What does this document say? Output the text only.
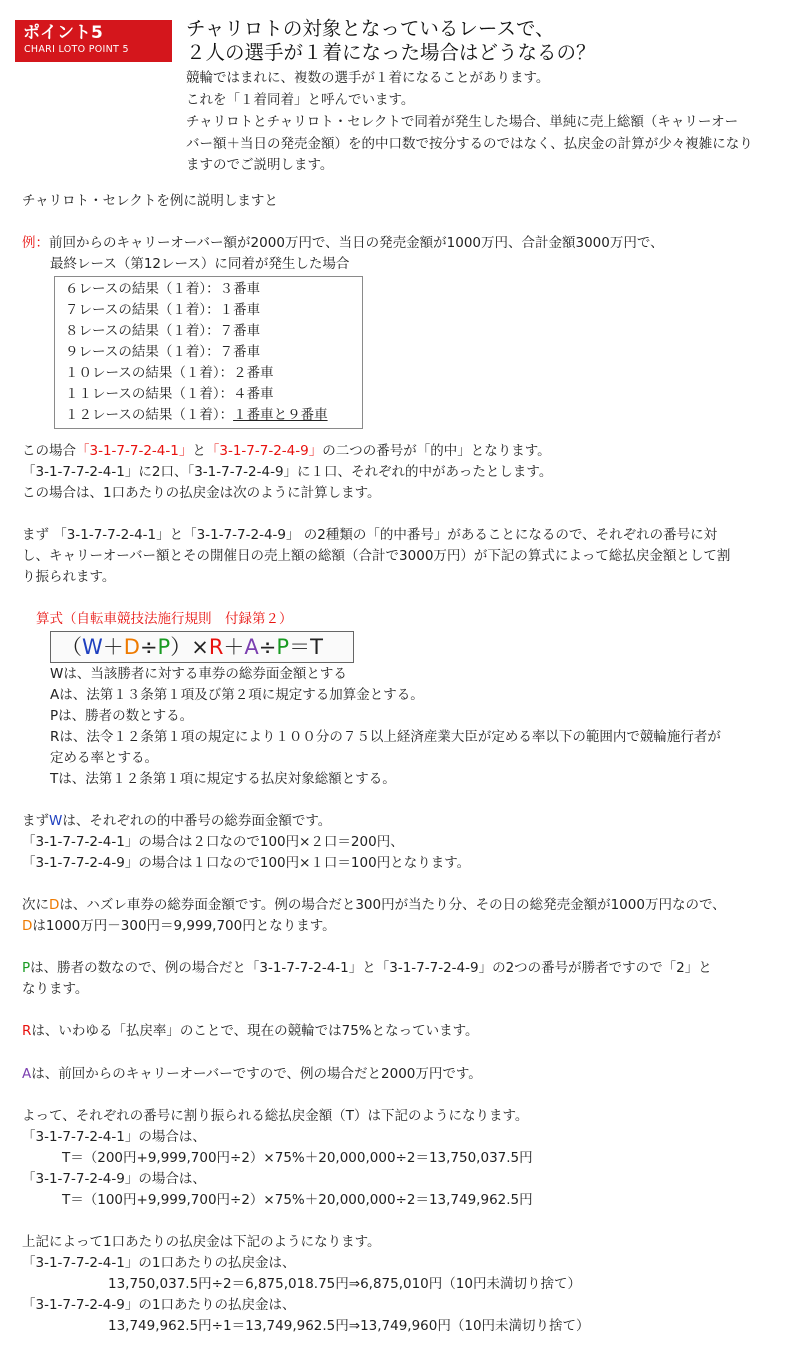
ポイント5
CHARI LOTO POINT 5
チャリロトの対象となっているレースで、
２人の選手が１着になった場合はどうなるの？
競輪ではまれに、複数の選手が１着になることがあります。
これを「１着同着」と呼んでいます。
チャリロトとチャリロト・セレクトで同着が発生した場合、単純に売上総額（キャリーオー
バー額＋当日の発売金額）を的中口数で按分するのではなく、払戻金の計算が少々複雑になり
ますのでご説明します。
チャリロト・セレクトを例に説明しますと
例：前回からのキャリーオーバー額が2000万円で、当日の発売金額が1000万円、合計金額3000万円で、
最終レース（第12レース）に同着が発生した場合
６レースの結果（１着）：３番車
７レースの結果（１着）：１番車
８レースの結果（１着）：７番車
９レースの結果（１着）：７番車
１０レースの結果（１着）：２番車
１１レースの結果（１着）：４番車
１２レースの結果（１着）：１番車と９番車
この場合「3-1-7-7-2-4-1」と「3-1-7-7-2-4-9」の二つの番号が「的中」となります。
「3-1-7-7-2-4-1」に2口、「3-1-7-7-2-4-9」に１口、それぞれ的中があったとします。
この場合は、1口あたりの払戻金は次のように計算します。
まず 「3-1-7-7-2-4-1」と「3-1-7-7-2-4-9」 の2種類の「的中番号」があることになるので、それぞれの番号に対
し、キャリーオーバー額とその開催日の売上額の総額（合計で3000万円）が下記の算式によって総払戻金額として割
り振られます。
算式（自転車競技法施行規則　付録第２）
（W＋D÷P）×R＋A÷P＝T
Wは、当該勝者に対する車券の総券面金額とする
Aは、法第１３条第１項及び第２項に規定する加算金とする。
Pは、勝者の数とする。
Rは、法令１２条第１項の規定により１００分の７５以上経済産業大臣が定める率以下の範囲内で競輪施行者が
定める率とする。
Tは、法第１２条第１項に規定する払戻対象総額とする。
まずWは、それぞれの的中番号の総券面金額です。
「3-1-7-7-2-4-1」の場合は２口なので100円×２口＝200円、
「3-1-7-7-2-4-9」の場合は１口なので100円×１口＝100円となります。
次にDは、ハズレ車券の総券面金額です。例の場合だと300円が当たり分、その日の総発売金額が1000万円なので、
Dは1000万円－300円＝9,999,700円となります。
Pは、勝者の数なので、例の場合だと「3-1-7-7-2-4-1」と「3-1-7-7-2-4-9」の2つの番号が勝者ですので「2」と
なります。
Rは、いわゆる「払戻率」のことで、現在の競輪では75%となっています。
Aは、前回からのキャリーオーバーですので、例の場合だと2000万円です。
よって、それぞれの番号に割り振られる総払戻金額（T）は下記のようになります。
「3-1-7-7-2-4-1」の場合は、
T＝（200円+9,999,700円÷2）×75%＋20,000,000÷2＝13,750,037.5円
「3-1-7-7-2-4-9」の場合は、
T＝（100円+9,999,700円÷2）×75%＋20,000,000÷2＝13,749,962.5円
上記によって1口あたりの払戻金は下記のようになります。
「3-1-7-7-2-4-1」の1口あたりの払戻金は、
13,750,037.5円÷2＝6,875,018.75円⇒6,875,010円（10円未満切り捨て）
「3-1-7-7-2-4-9」の1口あたりの払戻金は、
13,749,962.5円÷1＝13,749,962.5円⇒13,749,960円（10円未満切り捨て）
